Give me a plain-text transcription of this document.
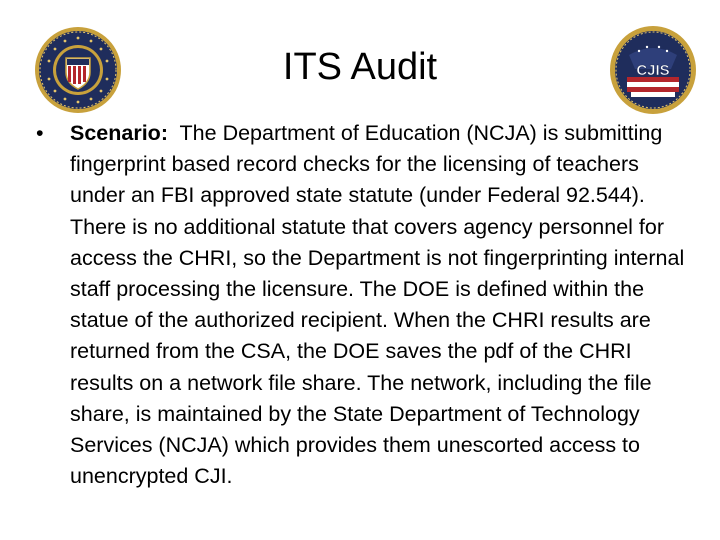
ITS Audit	CJIS
• Scenario: The Department of Education (NCJA) is submitting fingerprint based record checks for the licensing of teachers under an FBI approved state statute (under Federal 92.544). There is no additional statute that covers agency personnel for access the CHRI, so the Department is not fingerprinting internal staff processing the licensure. The DOE is defined within the statue of the authorized recipient. When the CHRI results are returned from the CSA, the DOE saves the pdf of the CHRI results on a network file share. The network, including the file share, is maintained by the State Department of Technology Services (NCJA) which provides them unescorted access to unencrypted CJI.
